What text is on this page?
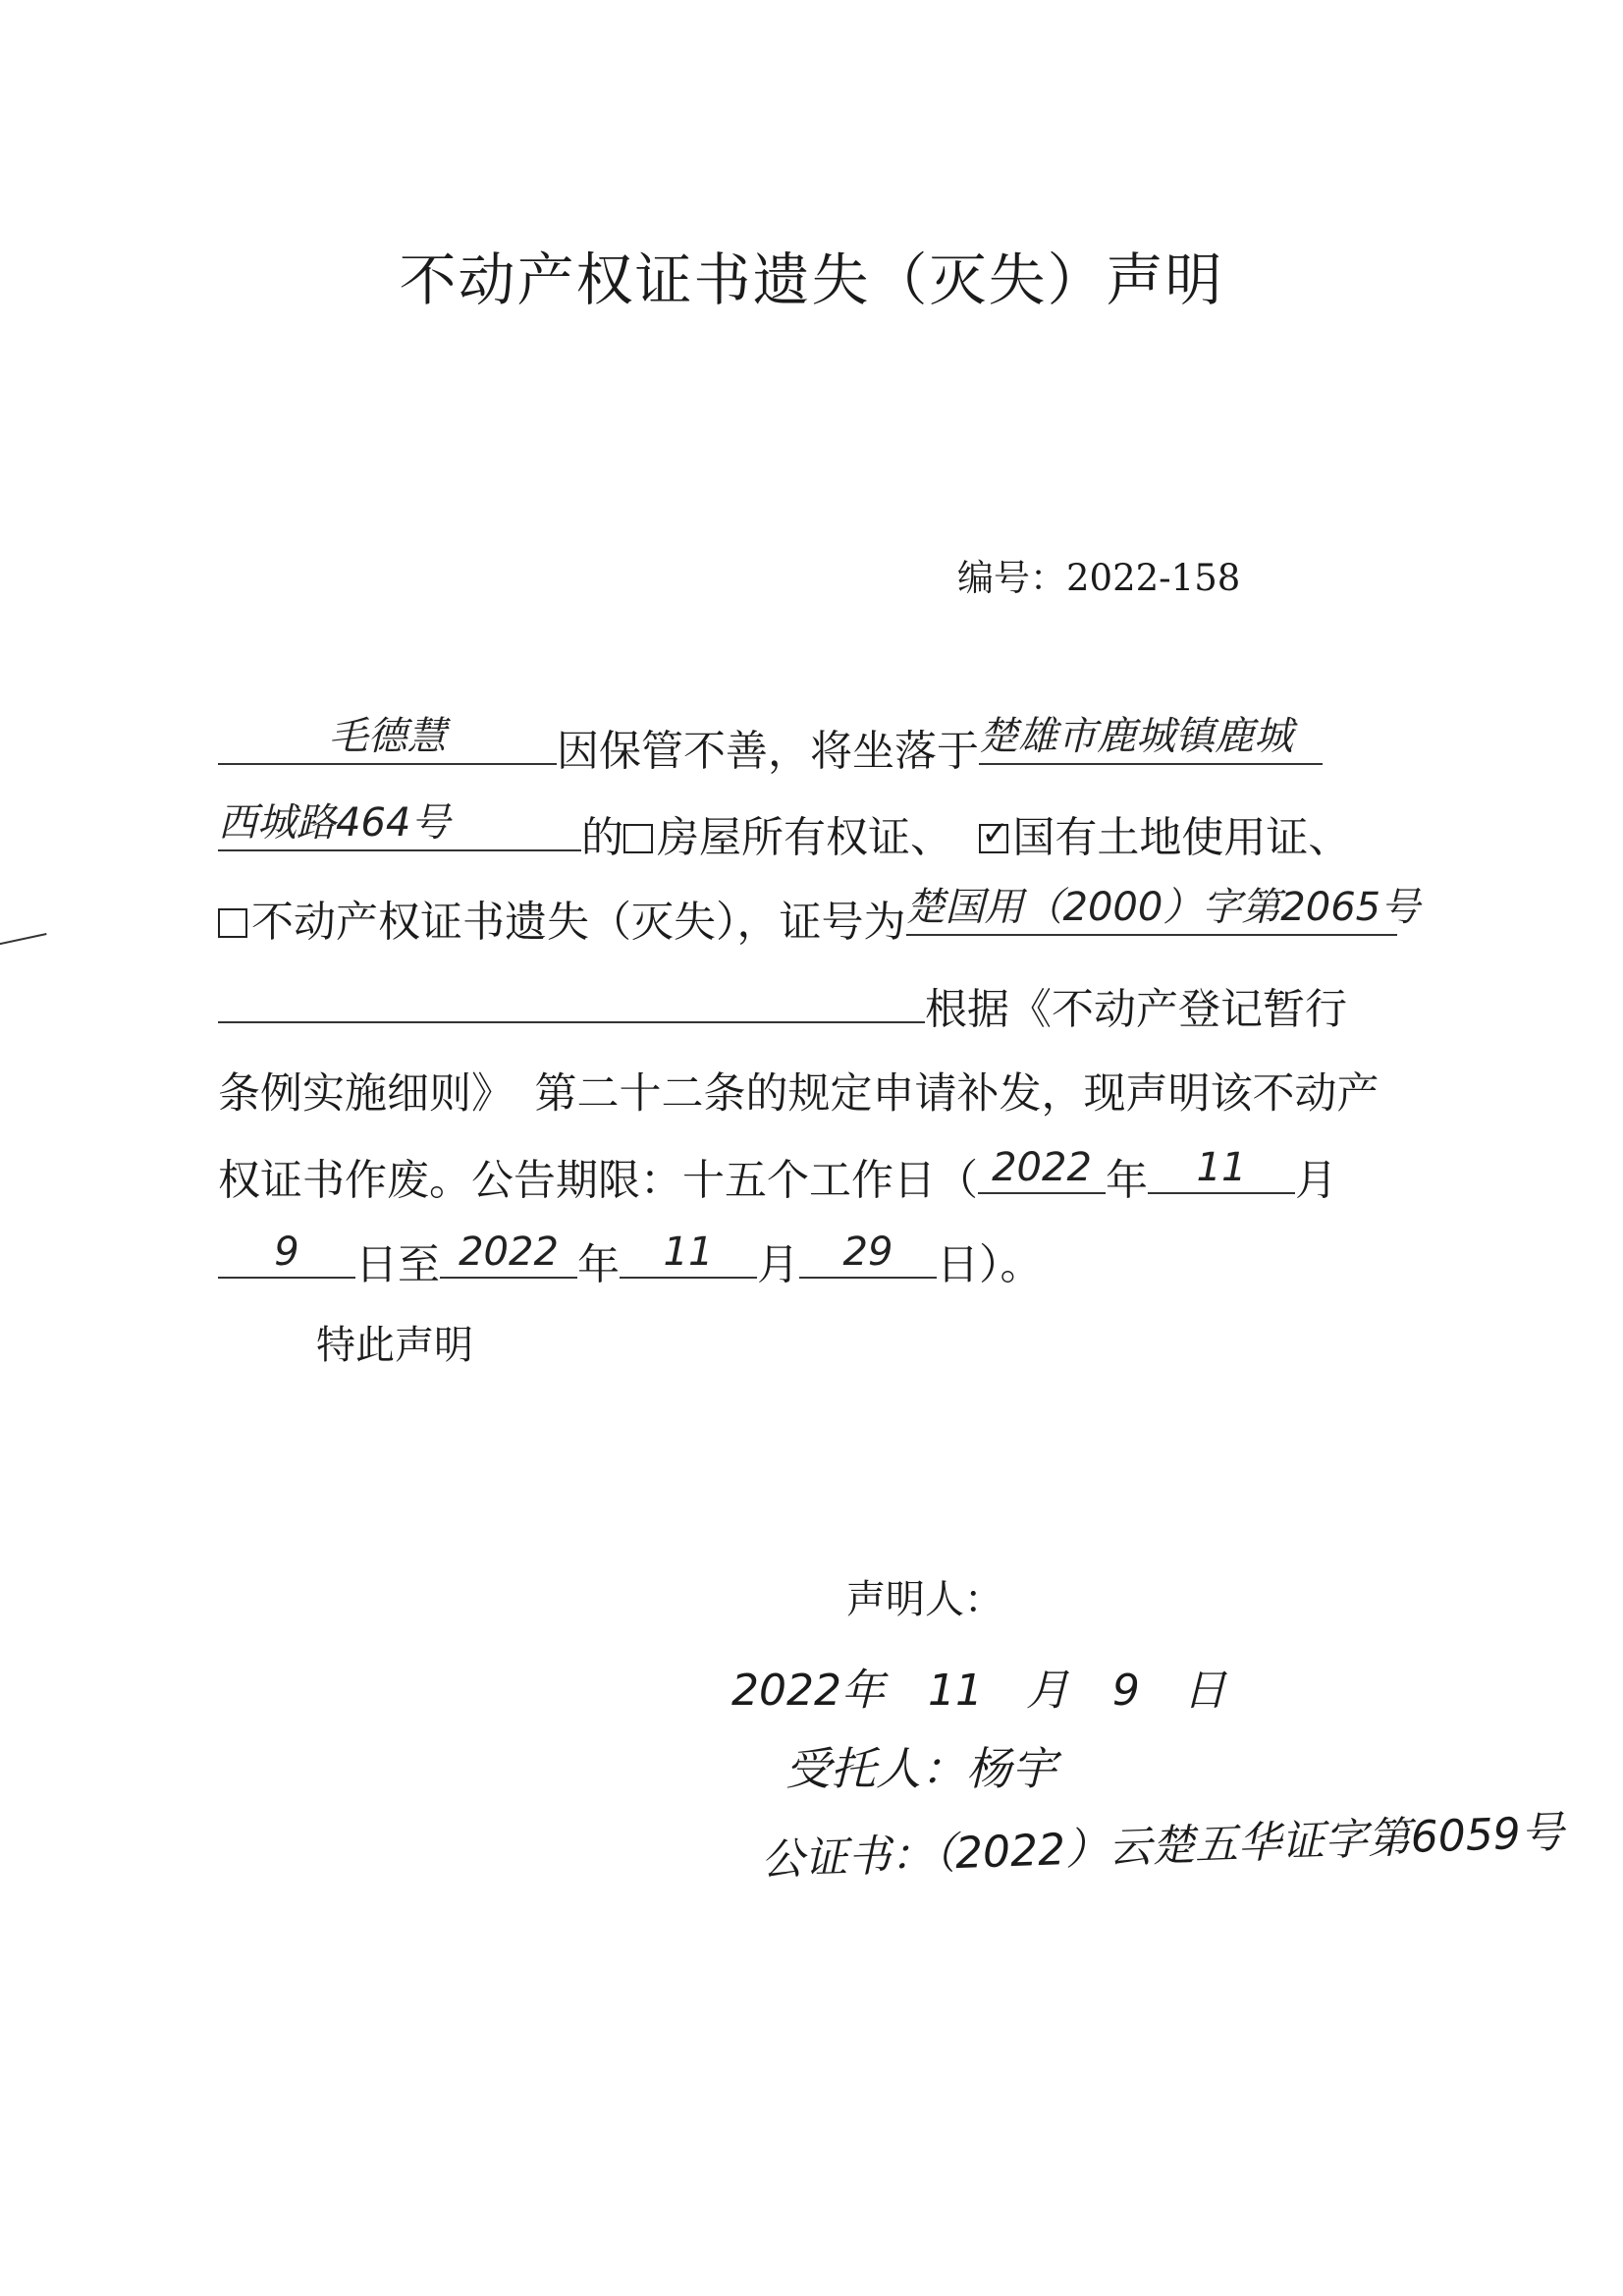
不动产权证书遗失（灭失）声明
编号：2022-158
毛德慧	因保管不善，将坐落于 楚雄市鹿城镇鹿城
西城路464号	的 房屋所有权证、  ✓ 国有土地使用证、
不动产权证书遗失（灭失），证号为 楚国用（2000）字第2065号
根据《不动产登记暂行
条例实施细则》　第二十二条的规定申请补发，现声明该不动产
权证书作废。公告期限：十五个工作日（ 2022 年	11	月
9	日至 2022 年	11	月	29	日）。
特此声明
声明人：
2022年 11 月 9 日
受托人：杨宇
公证书：（2022）云楚五华证字第6059号
